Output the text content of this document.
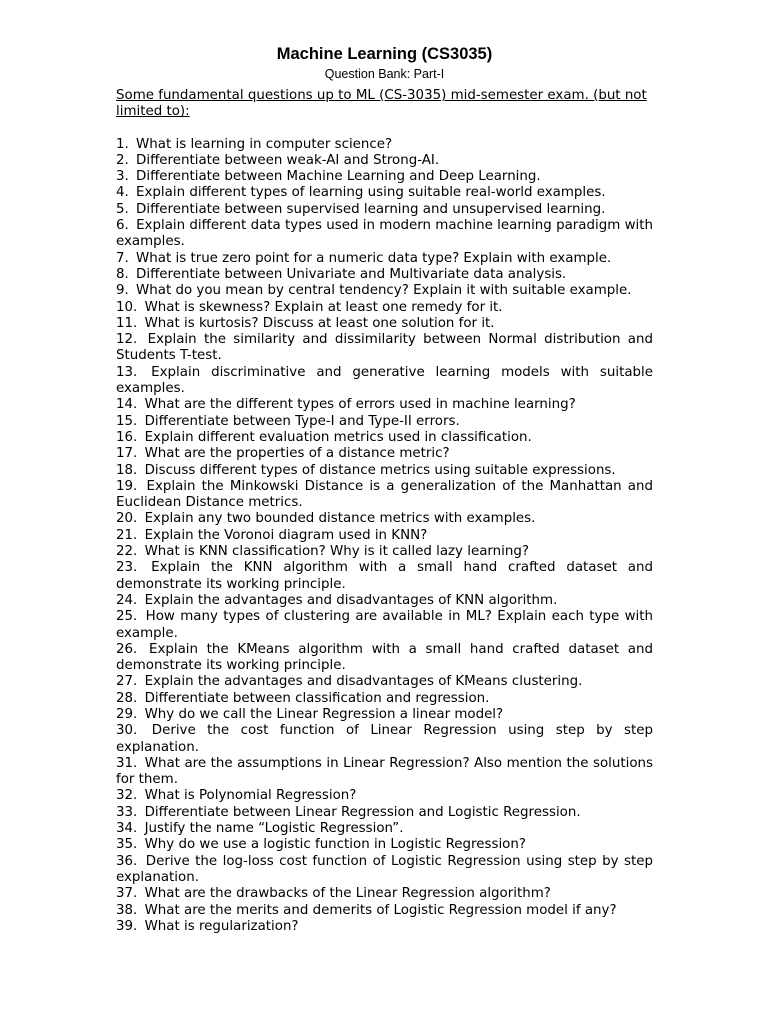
Machine Learning (CS3035)
Question Bank: Part-I

Some fundamental questions up to ML (CS-3035) mid-semester exam. (but not limited to):

1. What is learning in computer science?
2. Differentiate between weak-AI and Strong-AI.
3. Differentiate between Machine Learning and Deep Learning.
4. Explain different types of learning using suitable real-world examples.
5. Differentiate between supervised learning and unsupervised learning.
6. Explain different data types used in modern machine learning paradigm with examples.
7. What is true zero point for a numeric data type? Explain with example.
8. Differentiate between Univariate and Multivariate data analysis.
9. What do you mean by central tendency? Explain it with suitable example.
10. What is skewness? Explain at least one remedy for it.
11. What is kurtosis? Discuss at least one solution for it.
12. Explain the similarity and dissimilarity between Normal distribution and Students T-test.
13. Explain discriminative and generative learning models with suitable examples.
14. What are the different types of errors used in machine learning?
15. Differentiate between Type-I and Type-II errors.
16. Explain different evaluation metrics used in classification.
17. What are the properties of a distance metric?
18. Discuss different types of distance metrics using suitable expressions.
19. Explain the Minkowski Distance is a generalization of the Manhattan and Euclidean Distance metrics.
20. Explain any two bounded distance metrics with examples.
21. Explain the Voronoi diagram used in KNN?
22. What is KNN classification? Why is it called lazy learning?
23. Explain the KNN algorithm with a small hand crafted dataset and demonstrate its working principle.
24. Explain the advantages and disadvantages of KNN algorithm.
25. How many types of clustering are available in ML? Explain each type with example.
26. Explain the KMeans algorithm with a small hand crafted dataset and demonstrate its working principle.
27. Explain the advantages and disadvantages of KMeans clustering.
28. Differentiate between classification and regression.
29. Why do we call the Linear Regression a linear model?
30. Derive the cost function of Linear Regression using step by step explanation.
31. What are the assumptions in Linear Regression? Also mention the solutions for them.
32. What is Polynomial Regression?
33. Differentiate between Linear Regression and Logistic Regression.
34. Justify the name “Logistic Regression”.
35. Why do we use a logistic function in Logistic Regression?
36. Derive the log-loss cost function of Logistic Regression using step by step explanation.
37. What are the drawbacks of the Linear Regression algorithm?
38. What are the merits and demerits of Logistic Regression model if any?
39. What is regularization?
